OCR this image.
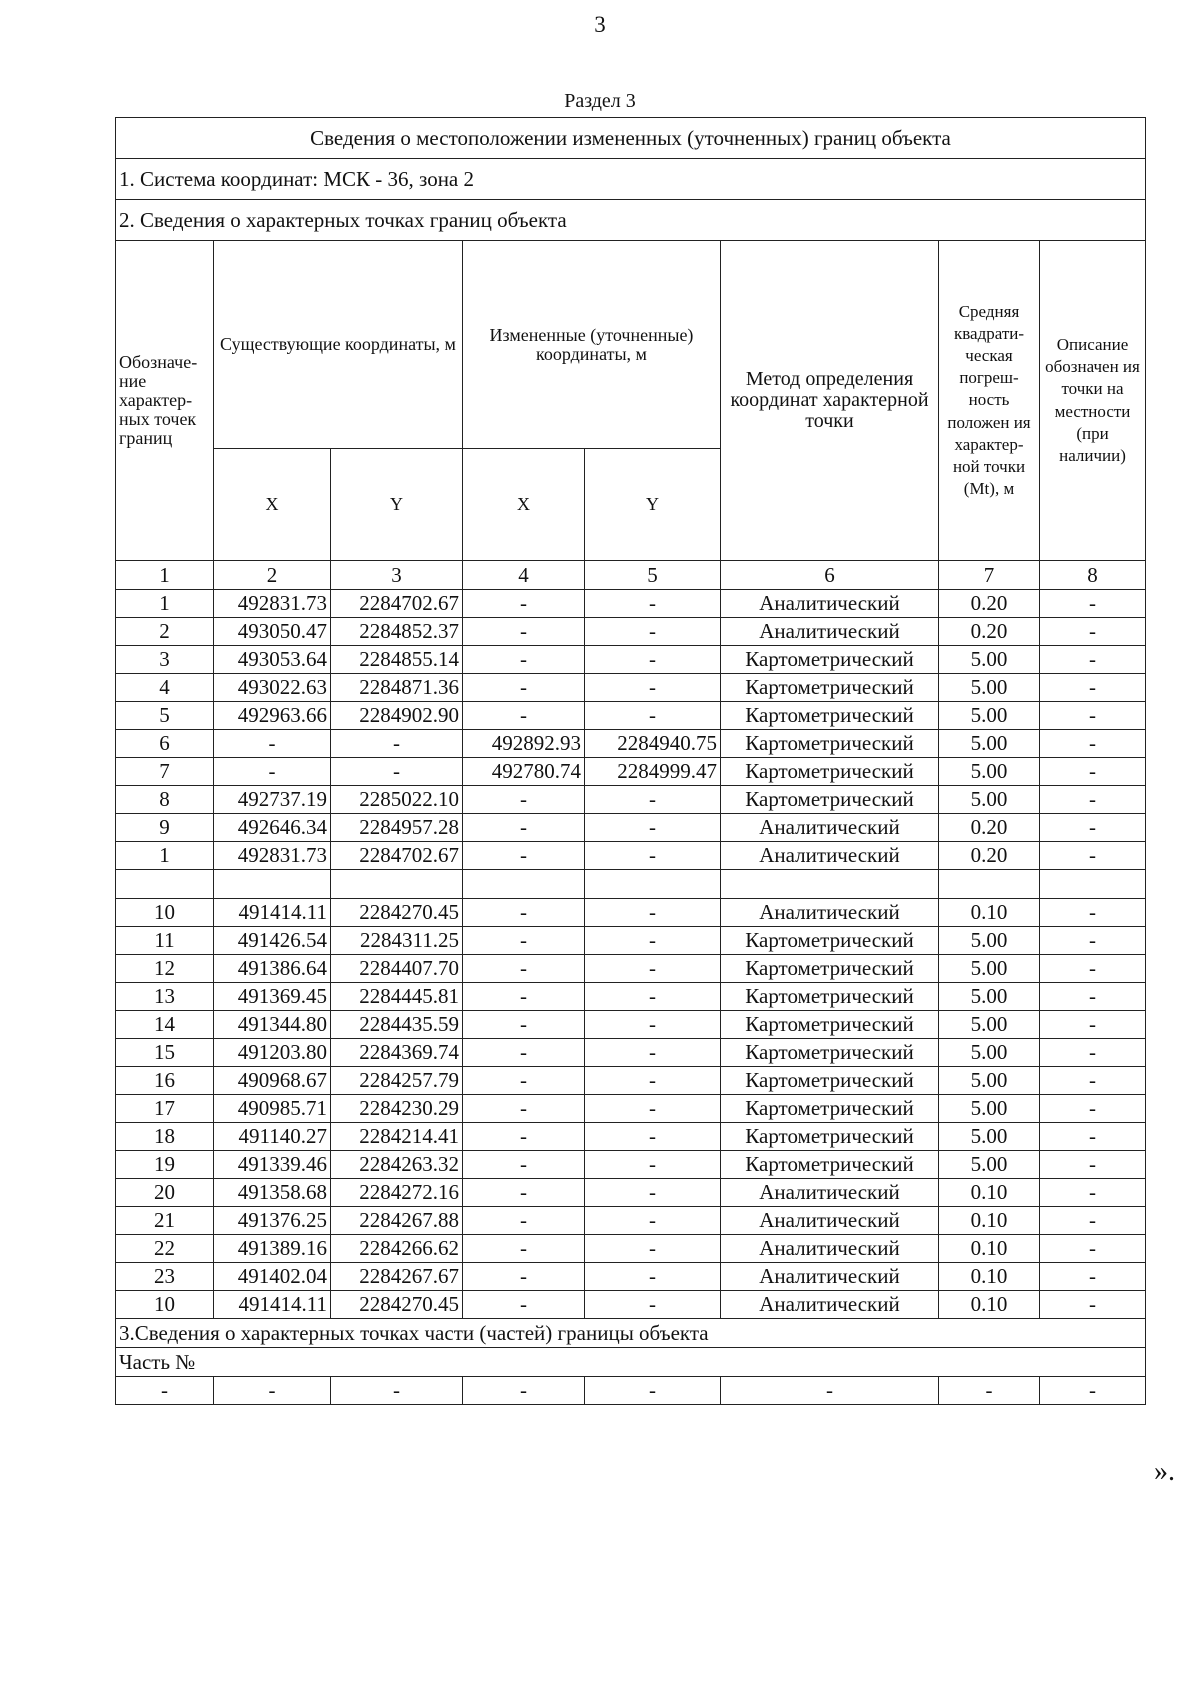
3
Раздел 3
Сведения о местоположении измененных (уточненных) границ объекта							
1. Система координат: МСК - 36, зона 2							
2. Сведения о характерных точках границ объекта							
Обозначе-ние характер-ных точек границ	Существующие координаты, м		Измененные (уточненные) координаты, м		Метод определения координат характерной точки	Средняя квадрати-ческая погреш-ность положен ия характер-ной точки (Mt), м	Описание обозначен ия точки на местности (при наличии)
	X	Y	X	Y			
1	2	3	4	5	6	7	8
1	492831.73	2284702.67	-	-	Аналитический	0.20	-
2	493050.47	2284852.37	-	-	Аналитический	0.20	-
3	493053.64	2284855.14	-	-	Картометрический	5.00	-
4	493022.63	2284871.36	-	-	Картометрический	5.00	-
5	492963.66	2284902.90	-	-	Картометрический	5.00	-
6	-	-	492892.93	2284940.75	Картометрический	5.00	-
7	-	-	492780.74	2284999.47	Картометрический	5.00	-
8	492737.19	2285022.10	-	-	Картометрический	5.00	-
9	492646.34	2284957.28	-	-	Аналитический	0.20	-
1	492831.73	2284702.67	-	-	Аналитический	0.20	-

10	491414.11	2284270.45	-	-	Аналитический	0.10	-
11	491426.54	2284311.25	-	-	Картометрический	5.00	-
12	491386.64	2284407.70	-	-	Картометрический	5.00	-
13	491369.45	2284445.81	-	-	Картометрический	5.00	-
14	491344.80	2284435.59	-	-	Картометрический	5.00	-
15	491203.80	2284369.74	-	-	Картометрический	5.00	-
16	490968.67	2284257.79	-	-	Картометрический	5.00	-
17	490985.71	2284230.29	-	-	Картометрический	5.00	-
18	491140.27	2284214.41	-	-	Картометрический	5.00	-
19	491339.46	2284263.32	-	-	Картометрический	5.00	-
20	491358.68	2284272.16	-	-	Аналитический	0.10	-
21	491376.25	2284267.88	-	-	Аналитический	0.10	-
22	491389.16	2284266.62	-	-	Аналитический	0.10	-
23	491402.04	2284267.67	-	-	Аналитический	0.10	-
10	491414.11	2284270.45	-	-	Аналитический	0.10	-
3.Сведения о характерных точках части (частей) границы объекта							
Часть №							
-	-	-	-	-	-	-	-
».
